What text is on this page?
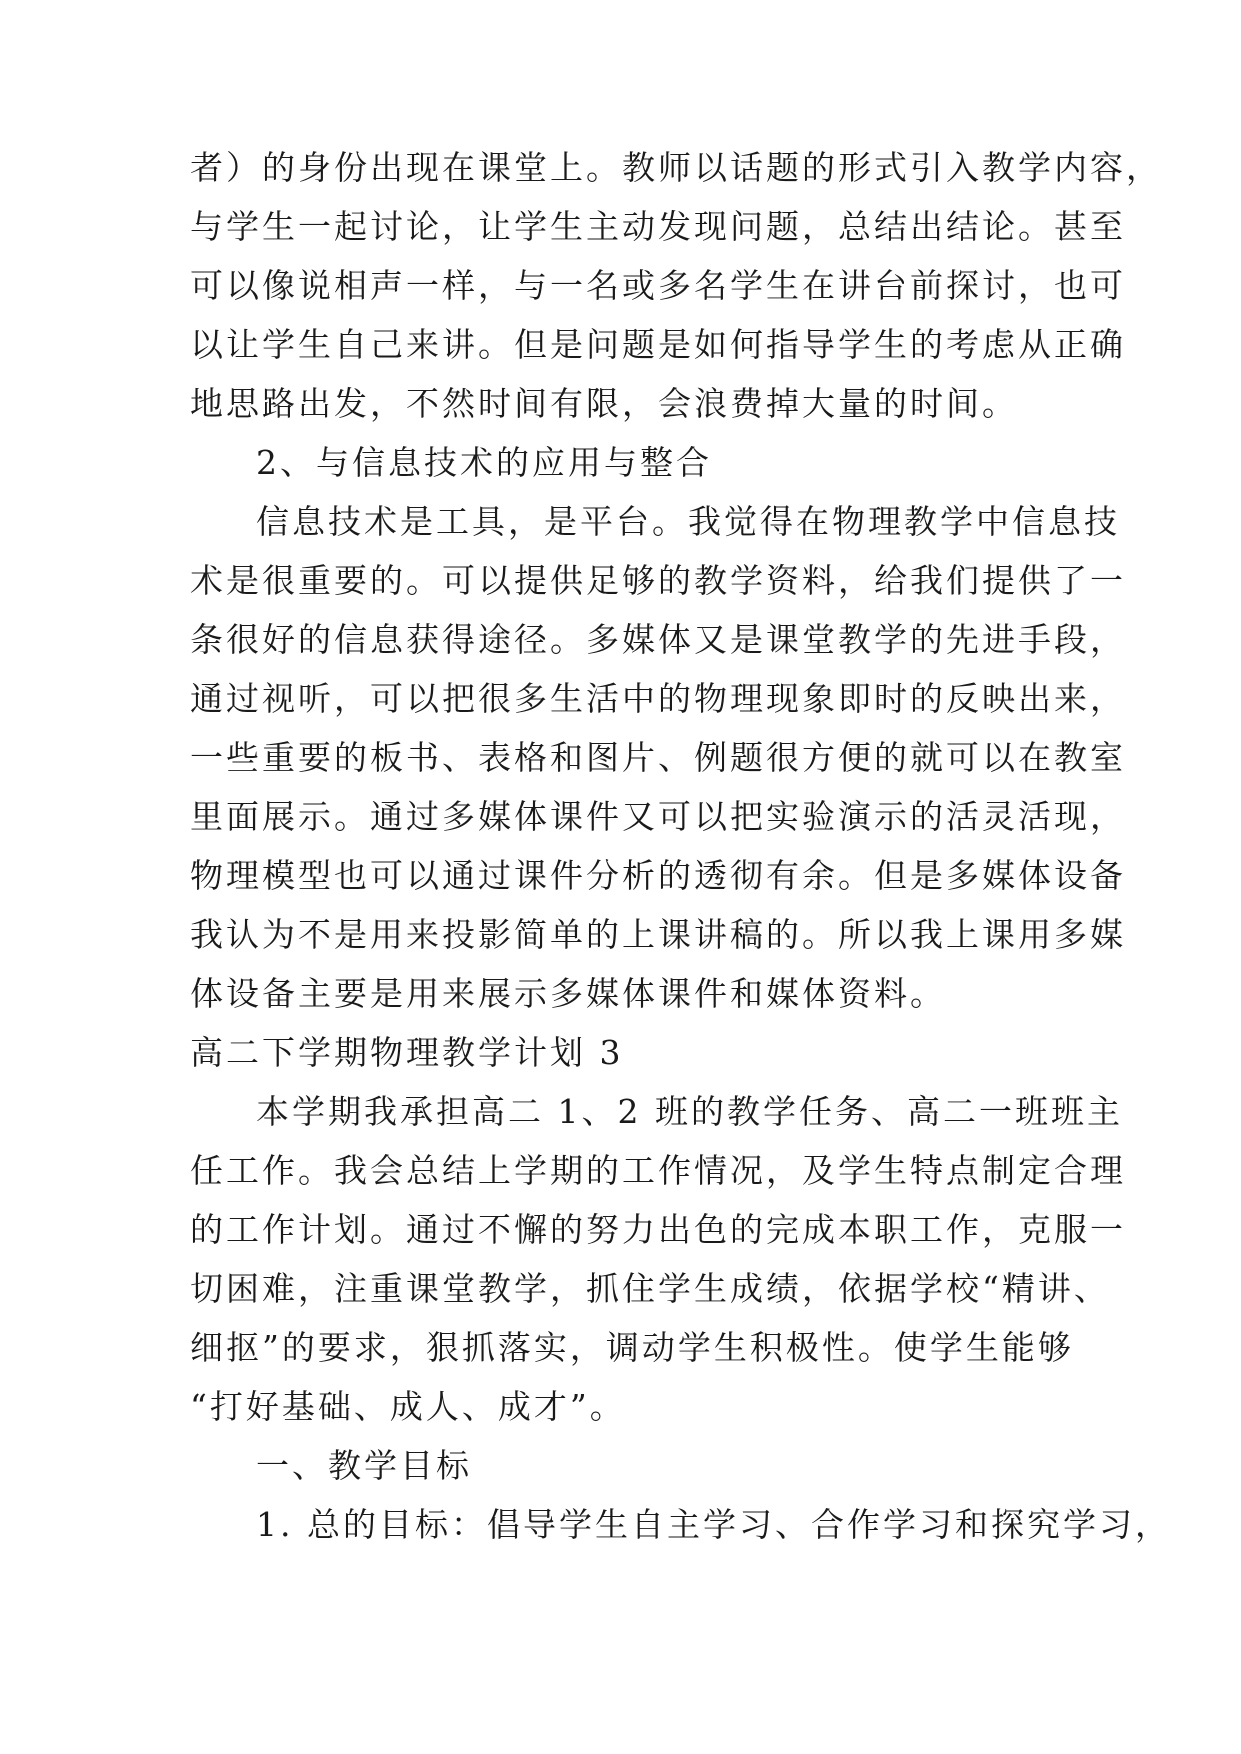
者）的身份出现在课堂上。教师以话题的形式引入教学内容，
与学生一起讨论，让学生主动发现问题，总结出结论。甚至
可以像说相声一样，与一名或多名学生在讲台前探讨，也可
以让学生自己来讲。但是问题是如何指导学生的考虑从正确
地思路出发，不然时间有限，会浪费掉大量的时间。
2、与信息技术的应用与整合
信息技术是工具，是平台。我觉得在物理教学中信息技
术是很重要的。可以提供足够的教学资料，给我们提供了一
条很好的信息获得途径。多媒体又是课堂教学的先进手段，
通过视听，可以把很多生活中的物理现象即时的反映出来，
一些重要的板书、表格和图片、例题很方便的就可以在教室
里面展示。通过多媒体课件又可以把实验演示的活灵活现，
物理模型也可以通过课件分析的透彻有余。但是多媒体设备
我认为不是用来投影简单的上课讲稿的。所以我上课用多媒
体设备主要是用来展示多媒体课件和媒体资料。
高二下学期物理教学计划 3
本学期我承担高二 1、2 班的教学任务、高二一班班主
任工作。我会总结上学期的工作情况，及学生特点制定合理
的工作计划。通过不懈的努力出色的完成本职工作，克服一
切困难，注重课堂教学，抓住学生成绩，依据学校“精讲、
细抠”的要求，狠抓落实，调动学生积极性。使学生能够
“打好基础、成人、成才”。
一、教学目标
1. 总的目标：倡导学生自主学习、合作学习和探究学习，
